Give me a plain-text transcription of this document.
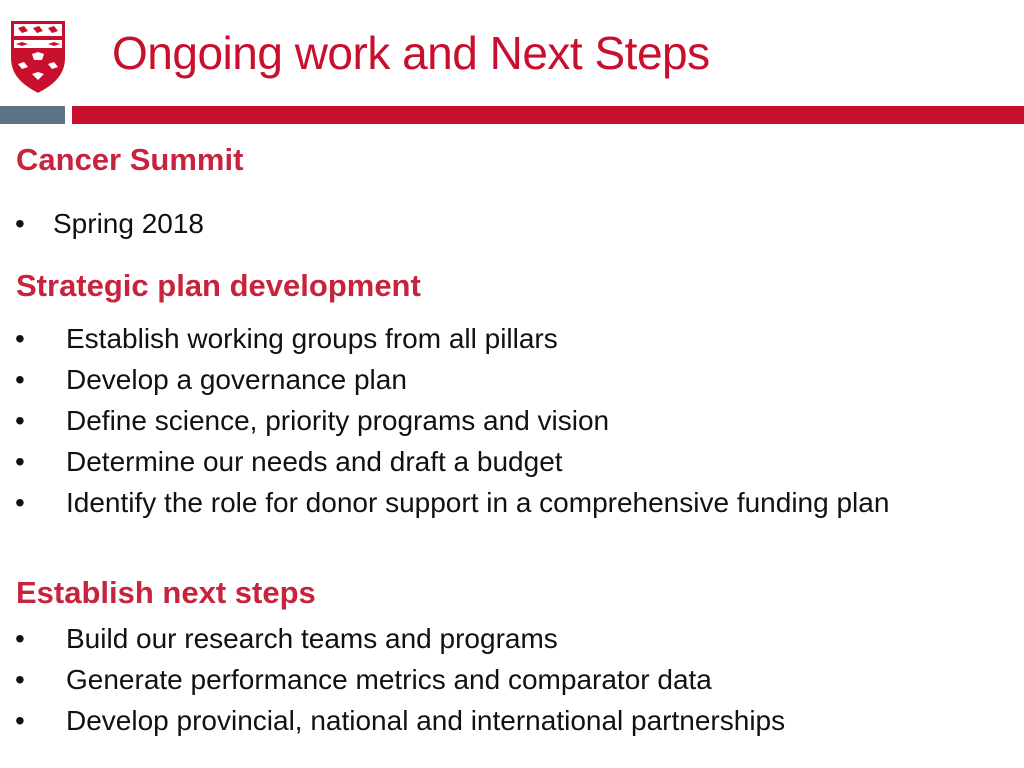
Ongoing work and Next Steps
Cancer Summit
• Spring 2018
Strategic plan development
• Establish working groups from all pillars
• Develop a governance plan
• Define science, priority programs and vision
• Determine our needs and draft a budget
• Identify the role for donor support in a comprehensive funding plan
Establish next steps
• Build our research teams and programs
• Generate performance metrics and comparator data
• Develop provincial, national and international partnerships
